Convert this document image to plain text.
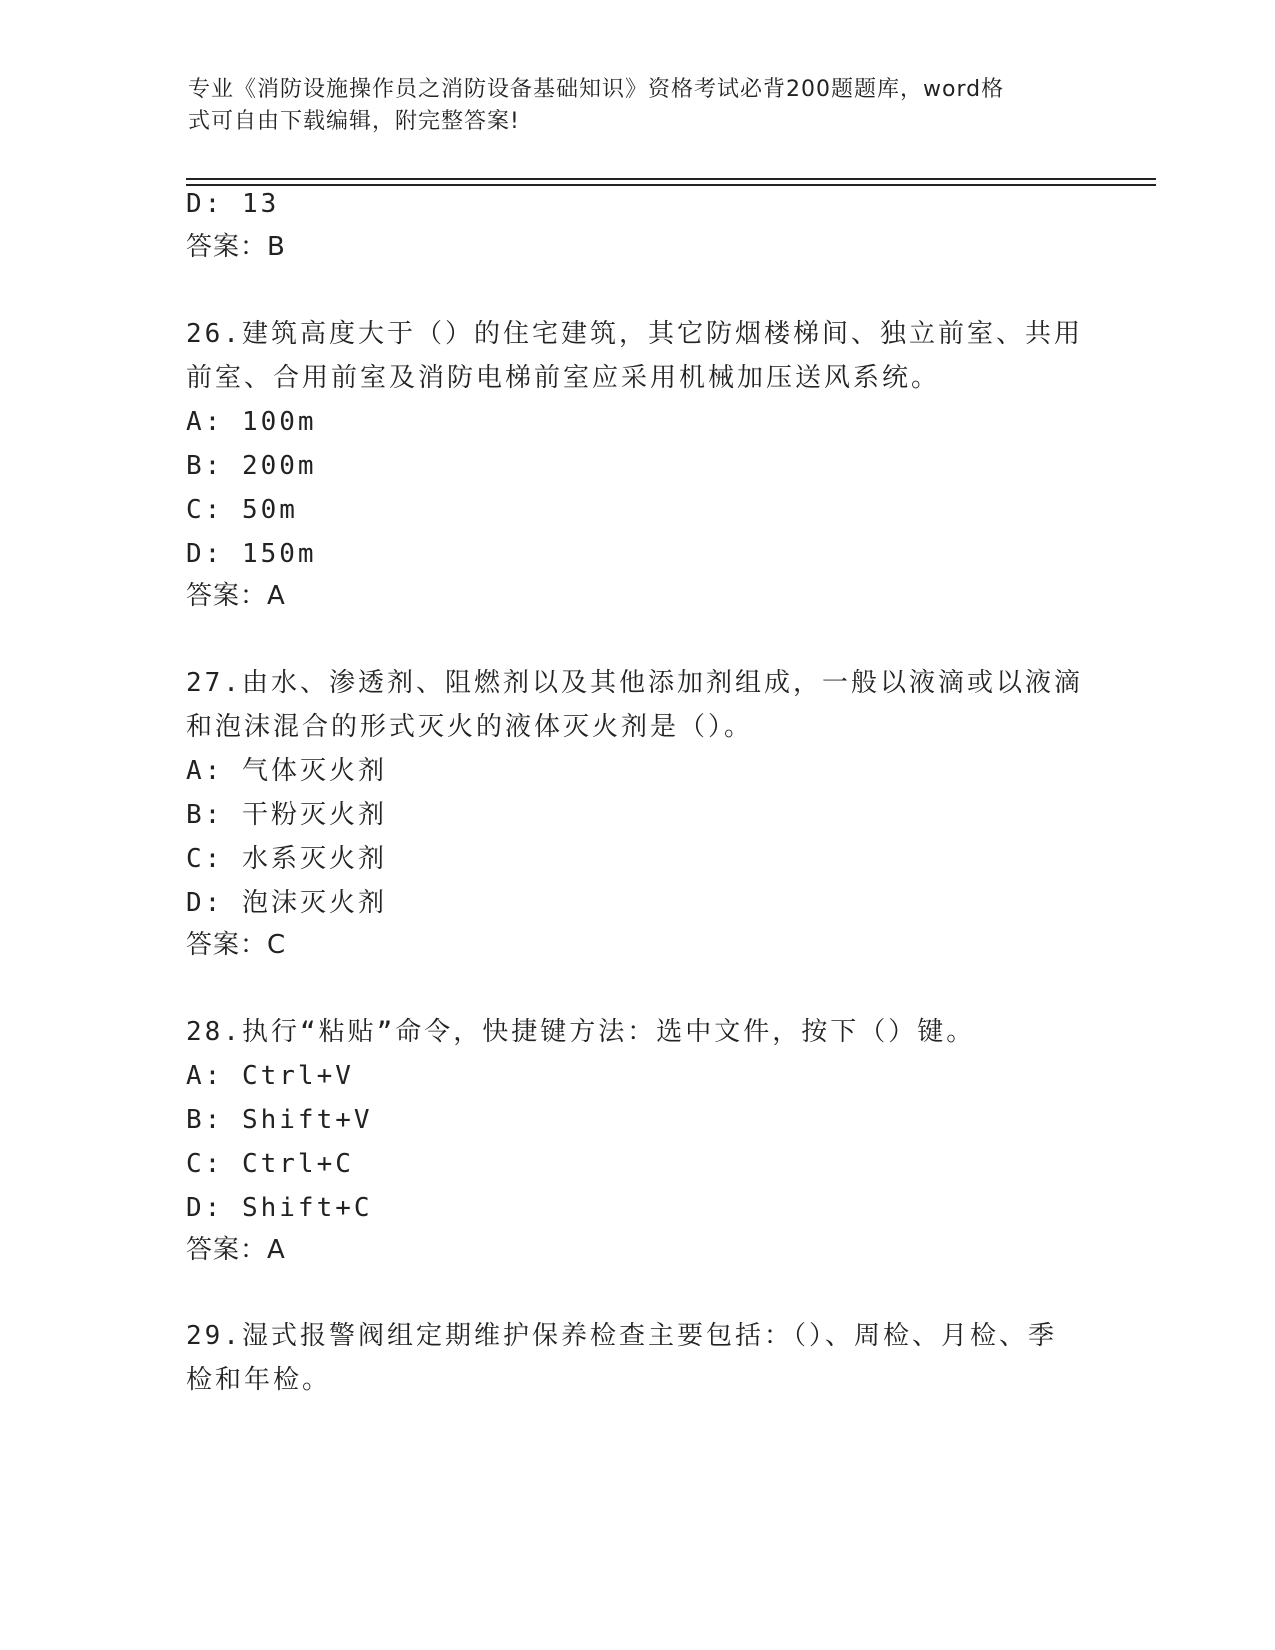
专业《消防设施操作员之消防设备基础知识》资格考试必背200题题库，word格
式可自由下载编辑，附完整答案!
D: 13
答案：B
26.建筑高度大于（）的住宅建筑，其它防烟楼梯间、独立前室、共用
前室、合用前室及消防电梯前室应采用机械加压送风系统。
A: 100m
B: 200m
C: 50m
D: 150m
答案：A
27.由水、渗透剂、阻燃剂以及其他添加剂组成，一般以液滴或以液滴
和泡沫混合的形式灭火的液体灭火剂是（）。
A: 气体灭火剂
B: 干粉灭火剂
C: 水系灭火剂
D: 泡沫灭火剂
答案：C
28.执行“粘贴”命令，快捷键方法：选中文件，按下（）键。
A: Ctrl+V
B: Shift+V
C: Ctrl+C
D: Shift+C
答案：A
29.湿式报警阀组定期维护保养检查主要包括：（）、周检、月检、季
检和年检。
